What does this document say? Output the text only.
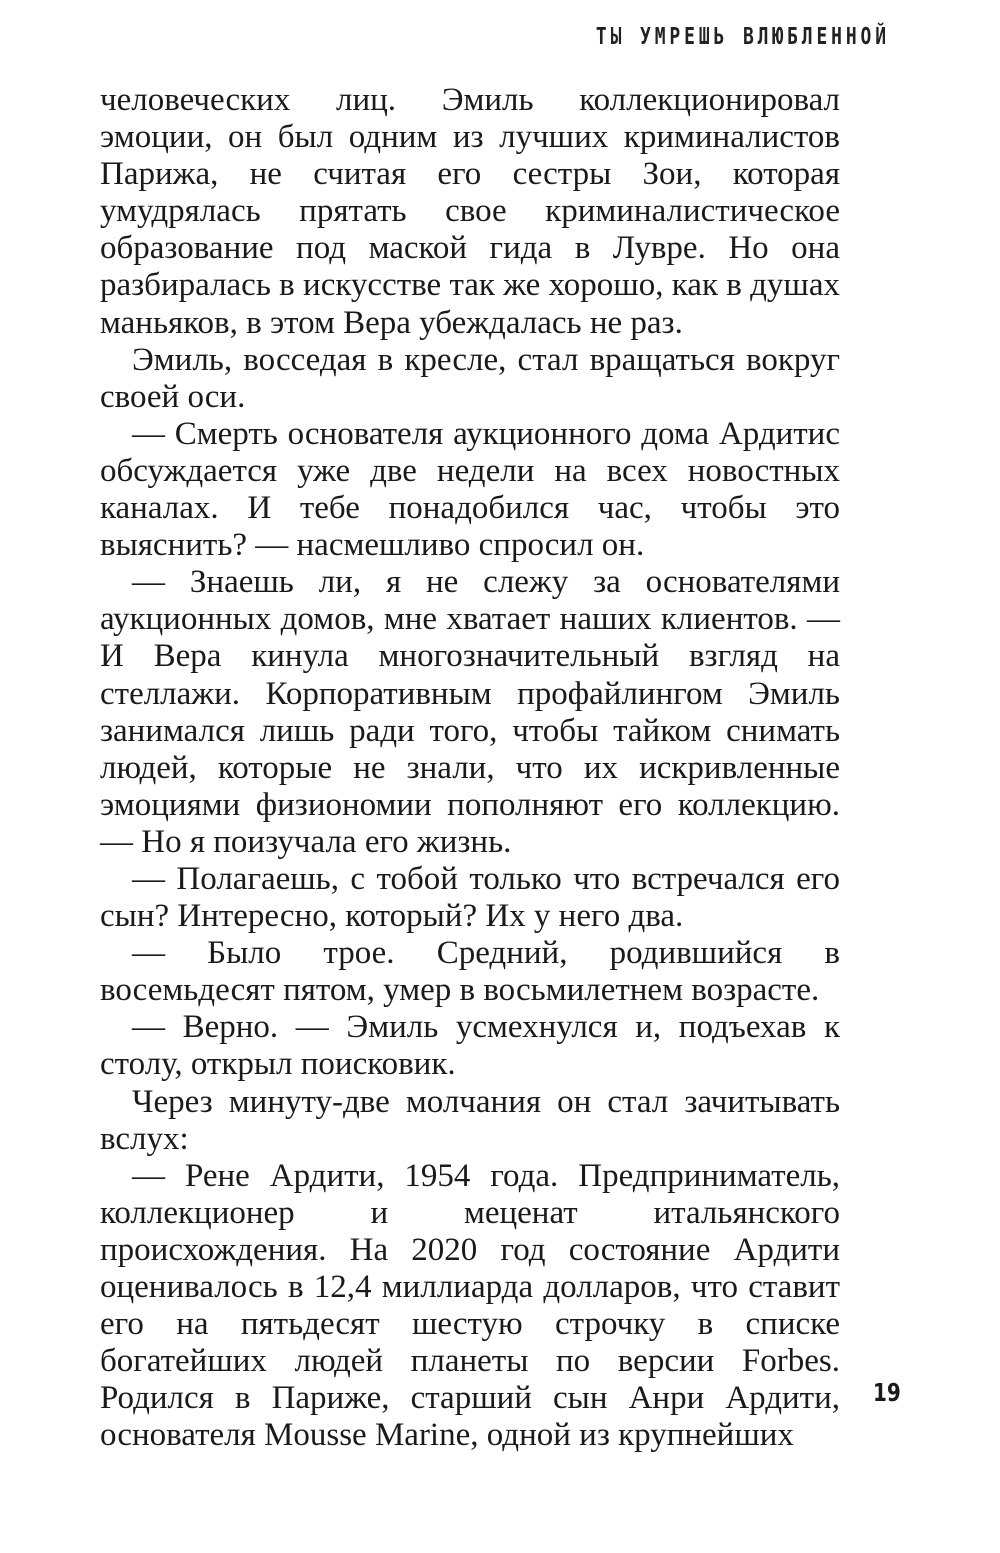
ТЫ УМРЕШЬ ВЛЮБЛЕННОЙ

человеческих лиц. Эмиль коллекционировал эмоции, он был одним из лучших криминалистов Парижа, не считая его сестры Зои, которая умудрялась прятать свое криминалистическое образование под маской гида в Лувре. Но она разбиралась в искусстве так же хорошо, как в душах маньяков, в этом Вера убеждалась не раз.

Эмиль, восседая в кресле, стал вращаться вокруг своей оси.

— Смерть основателя аукционного дома Ардитис обсуждается уже две недели на всех новостных каналах. И тебе понадобился час, чтобы это выяснить? — насмешливо спросил он.

— Знаешь ли, я не слежу за основателями аукционных домов, мне хватает наших клиентов. — И Вера кинула многозначительный взгляд на стеллажи. Корпоративным профайлингом Эмиль занимался лишь ради того, чтобы тайком снимать людей, которые не знали, что их искривленные эмоциями физиономии пополняют его коллекцию. — Но я поизучала его жизнь.

— Полагаешь, с тобой только что встречался его сын? Интересно, который? Их у него два.

— Было трое. Средний, родившийся в восемьдесят пятом, умер в восьмилетнем возрасте.

— Верно. — Эмиль усмехнулся и, подъехав к столу, открыл поисковик.

Через минуту-две молчания он стал зачитывать вслух:

— Рене Ардити, 1954 года. Предприниматель, коллекционер и меценат итальянского происхождения. На 2020 год состояние Ардити оценивалось в 12,4 миллиарда долларов, что ставит его на пятьдесят шестую строчку в списке богатейших людей планеты по версии Forbes. Родился в Париже, старший сын Анри Ардити, основателя Mousse Marine, одной из крупнейших

19
